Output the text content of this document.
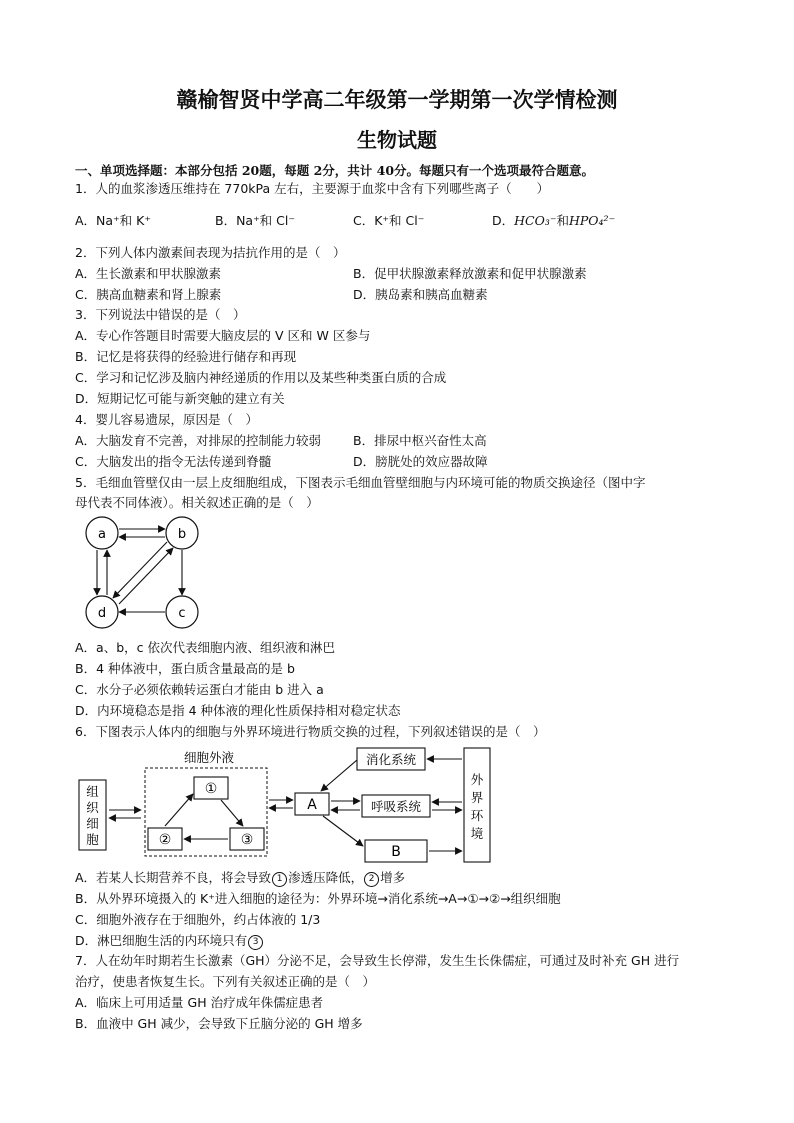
赣榆智贤中学高二年级第一学期第一次学情检测
生物试题
一、单项选择题：本部分包括 20题，每题 2分，共计 40分。每题只有一个选项最符合题意。
1．人的血浆渗透压维持在 770kPa 左右，主要源于血浆中含有下列哪些离子（　　）
A．Na⁺和 K⁺	B．Na⁺和 Cl⁻	C．K⁺和 Cl⁻	D．HCO₃⁻和HPO₄²⁻
2．下列人体内激素间表现为拮抗作用的是（　）
A．生长激素和甲状腺激素	B．促甲状腺激素释放激素和促甲状腺激素
C．胰高血糖素和肾上腺素	D．胰岛素和胰高血糖素
3．下列说法中错误的是（　）
A．专心作答题目时需要大脑皮层的 V 区和 W 区参与
B．记忆是将获得的经验进行储存和再现
C．学习和记忆涉及脑内神经递质的作用以及某些种类蛋白质的合成
D．短期记忆可能与新突触的建立有关
4．婴儿容易遗尿，原因是（　）
A．大脑发育不完善，对排尿的控制能力较弱	B．排尿中枢兴奋性太高
C．大脑发出的指令无法传递到脊髓	D．膀胱处的效应器故障
5．毛细血管壁仅由一层上皮细胞组成，下图表示毛细血管壁细胞与内环境可能的物质交换途径（图中字
母代表不同体液）。相关叙述正确的是（　）
a	b
c
d
A．a、b，c 依次代表细胞内液、组织液和淋巴
B．4 种体液中，蛋白质含量最高的是 b
C．水分子必须依赖转运蛋白才能由 b 进入 a
D．内环境稳态是指 4 种体液的理化性质保持相对稳定状态
6．下图表示人体内的细胞与外界环境进行物质交换的过程，下列叙述错误的是（　）
组
织
细
胞
细胞外液
①
②	③
A
消化系统
呼吸系统
B
外
界
环
境
A．若某人长期营养不良，将会导致 1 渗透压降低， 2 增多
B．从外界环境摄入的 K⁺进入细胞的途径为：外界环境→消化系统→A→①→②→组织细胞
C．细胞外液存在于细胞外，约占体液的 1/3
D．淋巴细胞生活的内环境只有 3
7．人在幼年时期若生长激素（GH）分泌不足，会导致生长停滞，发生生长侏儒症，可通过及时补充 GH 进行
治疗，使患者恢复生长。下列有关叙述正确的是（　）
A．临床上可用适量 GH 治疗成年侏儒症患者
B．血液中 GH 减少，会导致下丘脑分泌的 GH 增多
